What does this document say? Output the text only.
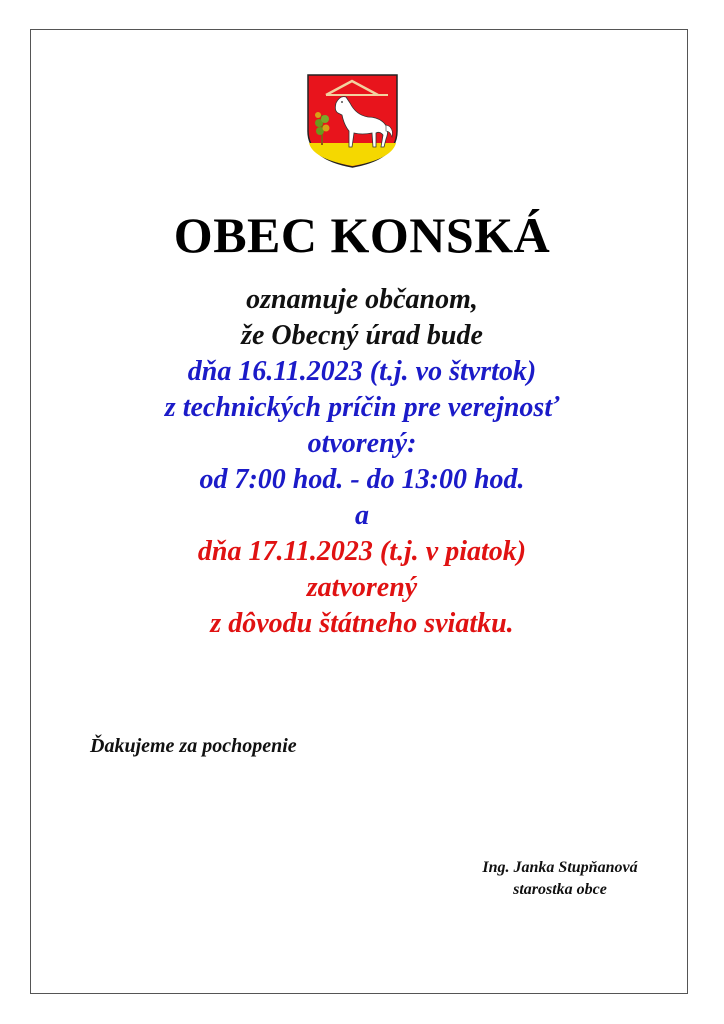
OBEC KONSKÁ
oznamuje občanom,
že Obecný úrad bude
dňa 16.11.2023 (t.j. vo štvrtok)
z technických príčin pre verejnosť
otvorený:
od 7:00 hod. - do 13:00 hod.
a
dňa 17.11.2023 (t.j. v piatok)
zatvorený
z dôvodu štátneho sviatku.
Ďakujeme za pochopenie
Ing. Janka Stupňanová
starostka obce
